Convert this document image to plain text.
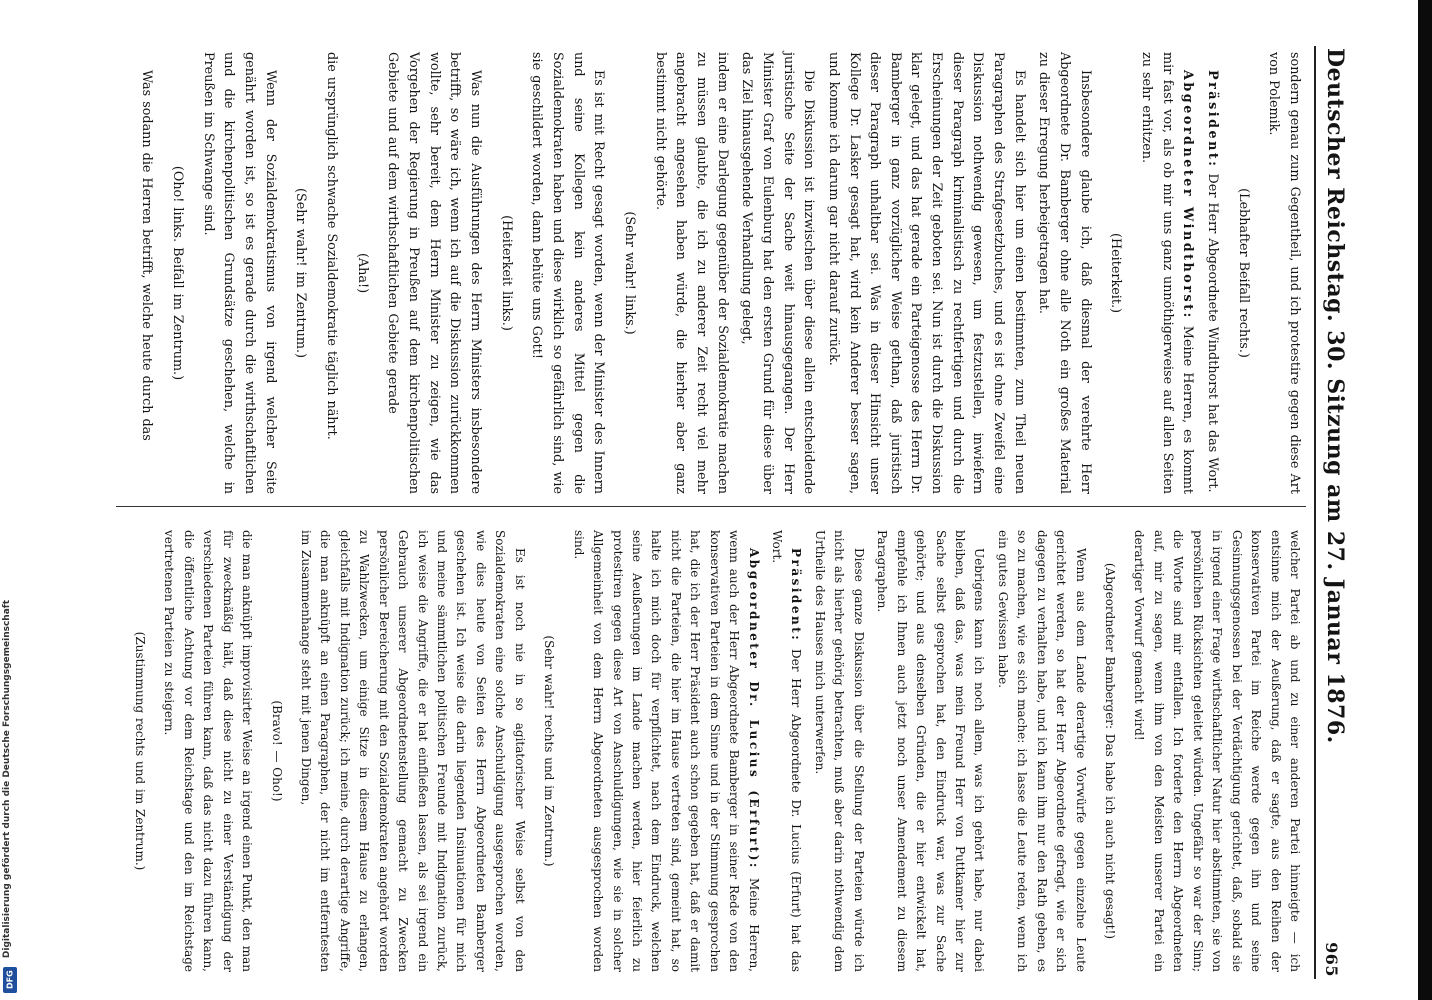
Digitalisierung gefördert durch die Deutsche Forschungsgemeinschaft
DFG
Deutscher Reichstag. 30. Sitzung am 27. Januar 1876.
965

sondern genau zum Gegentheil, und ich protestire gegen diese Art von Polemik.

(Lebhafter Beifall rechts.)

Präsident: Der Herr Abgeordnete Windthorst hat das Wort.

Abgeordneter Windthorst: Meine Herren, es kommt mir fast vor, als ob mir uns ganz unnöthigerweise auf allen Seiten zu sehr erhitzen.

(Heiterkeit.)

Insbesondere glaube ich, daß diesmal der verehrte Herr Abgeordnete Dr. Bamberger ohne alle Noth ein großes Material zu dieser Erregung herbeigetragen hat.

Es handelt sich hier um einen bestimmten, zum Theil neuen Paragraphen des Strafgesetzbuches, und es ist ohne Zweifel eine Diskussion nothwendig gewesen, um festzustellen, inwiefern dieser Paragraph kriminalistisch zu rechtfertigen und durch die Erscheinungen der Zeit geboten sei. Nun ist durch die Diskussion klar gelegt, und das hat gerade ein Parteigenosse des Herrn Dr. Bamberger in ganz vorzüglicher Weise gethan, daß juristisch dieser Paragraph unhaltbar sei. Was in dieser Hinsicht unser Kollege Dr. Lasker gesagt hat, wird kein Anderer besser sagen, und komme ich darum gar nicht darauf zurück.

Die Diskussion ist inzwischen über diese allein entscheidende juristische Seite der Sache weit hinausgegangen. Der Herr Minister Graf von Eulenburg hat den ersten Grund für diese über das Ziel hinausgehende Verhandlung gelegt,

indem er eine Darlegung gegenüber der Sozialdemokratie machen zu müssen glaubte, die ich zu anderer Zeit recht viel mehr angebracht angesehen haben würde, die hierher aber ganz bestimmt nicht gehörte.

(Sehr wahr! links.)

Es ist mit Recht gesagt worden, wenn der Minister des Innern und seine Kollegen kein anderes Mittel gegen die Sozialdemokraten haben und diese wirklich so gefährlich sind, wie sie geschildert worden, dann behüte uns Gott!

(Heiterkeit links.)

Was nun die Ausführungen des Herrn Ministers insbesondere betrifft, so wäre ich, wenn ich auf die Diskussion zurückkommen wollte, sehr bereit, dem Herrn Minister zu zeigen, wie das Vorgehen der Regierung in Preußen auf dem kirchenpolitischen Gebiete und auf dem wirthschaftlichen Gebiete gerade

(Aha!)

die ursprünglich schwache Sozialdemokratie täglich nährt.

(Sehr wahr! im Zentrum.)

Wenn der Sozialdemokratismus von irgend welcher Seite genährt worden ist, so ist es gerade durch die wirthschaftlichen und die kirchenpolitischen Grundsätze geschehen, welche in Preußen im Schwange sind.

(Oho! links. Beifall im Zentrum.)

Was sodann die Herren betrifft, welche heute durch das

welcher Partei ab und zu einer anderen Partei hinneigte — ich entsinne mich der Aeußerung, daß er sagte, aus den Reihen der konservativen Partei im Reiche werde gegen ihn und seine Gesinnungsgenossen bei der Verdächtigung gerichtet, daß, sobald sie in irgend einer Frage wirthschaftlicher Natur hier abstimmten, sie von persönlichen Rücksichten geleitet würden. Ungefähr so war der Sinn; die Worte sind mir entfallen. Ich forderte den Herrn Abgeordneten auf, mir zu sagen, wenn ihm von den Meisten unserer Partei ein derartiger Vorwurf gemacht wird!

(Abgeordneter Bamberger: Das habe ich auch nicht gesagt!)

Wenn aus dem Lande derartige Vorwürfe gegen einzelne Leute gerichtet werden, so hat der Herr Abgeordnete gefragt, wie er sich dagegen zu verhalten habe, und ich kann ihm nur den Rath geben, es so zu machen, wie es sich mache: ich lasse die Leute reden, wenn ich ein gutes Gewissen habe.

Uebrigens kann ich noch allem, was ich gehört habe, nur dabei bleiben, daß das, was mein Freund Herr von Puttkamer hier zur Sache selbst gesprochen hat, den Eindruck war, was zur Sache gehörte; und aus denselben Gründen, die er hier entwickelt hat, empfehle ich Ihnen auch jetzt noch unser Amendement zu diesem Paragraphen.

Diese ganze Diskussion über die Stellung der Parteien würde ich nicht als hierher gehörig betrachten, muß aber darin nothwendig dem Urtheile des Hauses mich unterwerfen.

Präsident: Der Herr Abgeordnete Dr. Lucius (Erfurt) hat das Wort.

Abgeordneter Dr. Lucius (Erfurt): Meine Herren, wenn auch der Herr Abgeordnete Bamberger in seiner Rede von den konservativen Parteien in dem Sinne und in der Stimmung gesprochen hat, die ich der Herr Präsident auch schon gegeben hat, daß er damit nicht die Parteien, die hier im Hause vertreten sind, gemeint hat, so halte ich mich doch für verpflichtet, nach dem Eindruck, welchen seine Aeußerungen im Lande machen werden, hier feierlich zu protestiren gegen diese Art von Anschuldigungen, wie sie in solcher Allgemeinheit von dem Herrn Abgeordneten ausgesprochen worden sind.

(Sehr wahr! rechts und im Zentrum.)

Es ist noch nie in so agitatorischer Weise selbst von den Sozialdemokraten eine solche Anschuldigung ausgesprochen worden, wie dies heute von Seiten des Herrn Abgeordneten Bamberger geschehen ist. Ich weise die darin liegenden Insinuationen für mich und meine sämmtlichen politischen Freunde mit Indignation zurück, ich weise die Angriffe, die er hat einfließen lassen, als sei irgend ein Gebrauch unserer Abgeordnetenstellung gemacht zu Zwecken persönlicher Bereicherung mit den Sozialdemokraten angehört worden zu Wahlzwecken, um einige Sitze in diesem Hause zu erlangen, gleichfalls mit Indignation zurück; ich meine, durch derartige Angriffe, die man anknüpft an einen Paragraphen, der nicht im entferntesten im Zusammenhange steht mit jenen Dingen,

(Bravo! — Oho!)

die man anknüpft improvisirter Weise an irgend einen Punkt, den man für zweckmäßig hält, daß diese nicht zu einer Verständigung der verschiedenen Parteien führen kann, daß das nicht dazu führen kann, die öffentliche Achtung vor dem Reichstage und den im Reichstage vertretenen Parteien zu steigern.

(Zustimmung rechts und im Zentrum.)
